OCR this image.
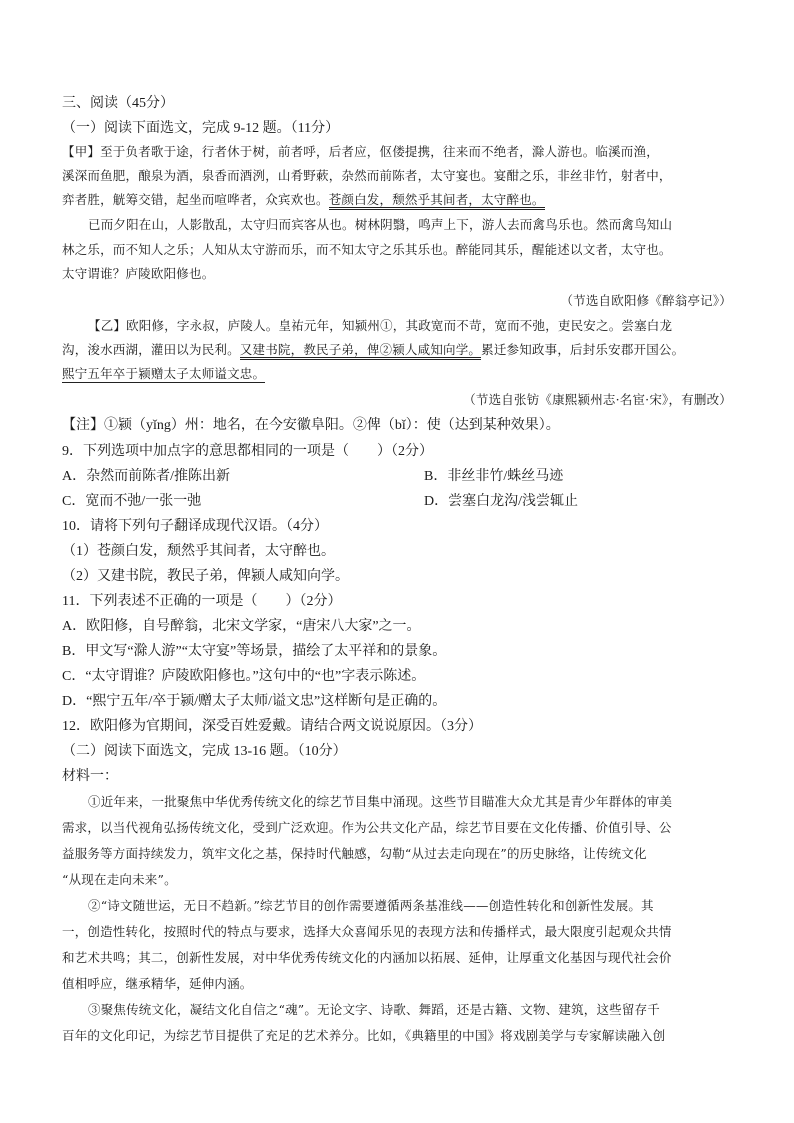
三、阅读（45分）
（一）阅读下面选文，完成 9-12 题。（11分）
【甲】至于负者歌于途，行者休于树，前者呼，后者应，伛偻提携，往来而不绝者，滁人游也。临溪而渔，
溪深而鱼肥，酿泉为酒，泉香而酒洌，山肴野蔌，杂然而前陈者，太守宴也。宴酣之乐，非丝非竹，射者中，
弈者胜，觥筹交错，起坐而喧哗者，众宾欢也。苍颜白发，颓然乎其间者，太守醉也。
已而夕阳在山，人影散乱，太守归而宾客从也。树林阴翳，鸣声上下，游人去而禽鸟乐也。然而禽鸟知山
林之乐，而不知人之乐；人知从太守游而乐，而不知太守之乐其乐也。醉能同其乐，醒能述以文者，太守也。
太守谓谁？庐陵欧阳修也。
（节选自欧阳修《醉翁亭记》）
【乙】欧阳修，字永叔，庐陵人。皇祐元年，知颍州①，其政宽而不苛，宽而不弛，吏民安之。尝塞白龙
沟，浚水西湖，灌田以为民利。又建书院，教民子弟，俾②颍人咸知向学。累迁参知政事，后封乐安郡开国公。
熙宁五年卒于颍赠太子太师谥文忠。
（节选自张钫《康熙颍州志·名宦·宋》，有删改）
【注】①颍（yǐng）州：地名，在今安徽阜阳。②俾（bǐ）：使（达到某种效果）。
9．下列选项中加点字的意思都相同的一项是（　　）（2分）
A．杂然而前陈者/推陈出新	B．非丝非竹/蛛丝马迹
C．宽而不弛/一张一弛	D．尝塞白龙沟/浅尝辄止
10．请将下列句子翻译成现代汉语。（4分）
（1）苍颜白发，颓然乎其间者，太守醉也。
（2）又建书院，教民子弟，俾颍人咸知向学。
11．下列表述不正确的一项是（　　）（2分）
A．欧阳修，自号醉翁，北宋文学家，“唐宋八大家”之一。
B．甲文写“滁人游”“太守宴”等场景，描绘了太平祥和的景象。
C．“太守谓谁？庐陵欧阳修也。”这句中的“也”字表示陈述。
D．“熙宁五年/卒于颍/赠太子太师/谥文忠”这样断句是正确的。
12．欧阳修为官期间，深受百姓爱戴。请结合两文说说原因。（3分）
（二）阅读下面选文，完成 13-16 题。（10分）
材料一：
①近年来，一批聚焦中华优秀传统文化的综艺节目集中涌现。这些节目瞄准大众尤其是青少年群体的审美
需求，以当代视角弘扬传统文化，受到广泛欢迎。作为公共文化产品，综艺节目要在文化传播、价值引导、公
益服务等方面持续发力，筑牢文化之基，保持时代触感，勾勒“从过去走向现在”的历史脉络，让传统文化
“从现在走向未来”。
②“诗文随世运，无日不趋新。”综艺节目的创作需要遵循两条基准线——创造性转化和创新性发展。其
一，创造性转化，按照时代的特点与要求，选择大众喜闻乐见的表现方法和传播样式，最大限度引起观众共情
和艺术共鸣；其二，创新性发展，对中华优秀传统文化的内涵加以拓展、延伸，让厚重文化基因与现代社会价
值相呼应，继承精华，延伸内涵。
③聚焦传统文化，凝结文化自信之“魂”。无论文字、诗歌、舞蹈，还是古籍、文物、建筑，这些留存千
百年的文化印记，为综艺节目提供了充足的艺术养分。比如，《典籍里的中国》将戏剧美学与专家解读融入创
